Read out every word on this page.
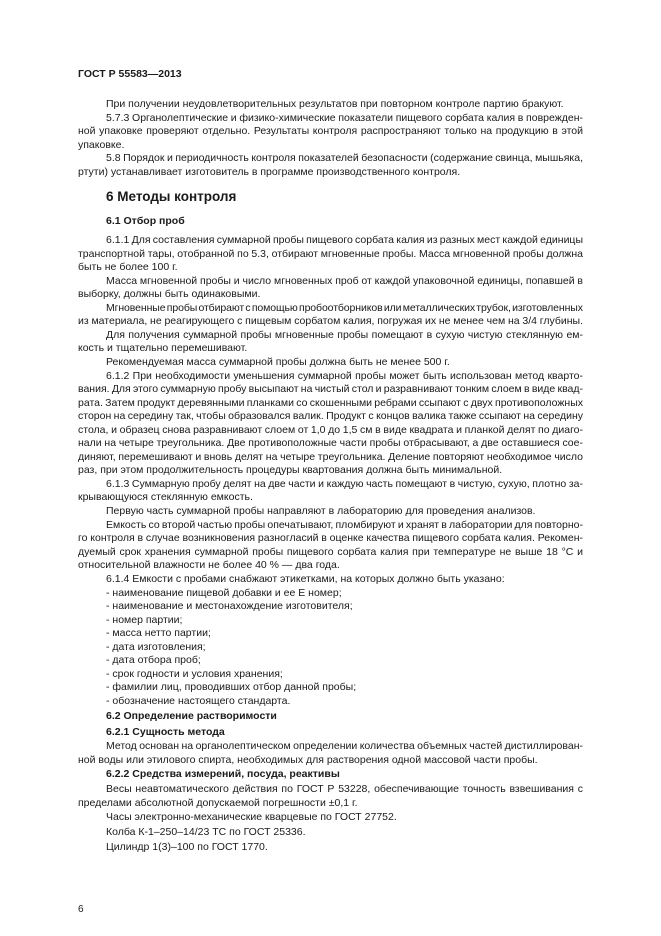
ГОСТ Р 55583—2013
При получении неудовлетворительных результатов при повторном контроле партию бракуют.
5.7.3 Органолептические и физико-химические показатели пищевого сорбата калия в поврежден-
ной упаковке проверяют отдельно. Результаты контроля распространяют только на продукцию в этой
упаковке.
5.8 Порядок и периодичность контроля показателей безопасности (содержание свинца, мышьяка,
ртути) устанавливает изготовитель в программе производственного контроля.
6 Методы контроля
6.1 Отбор проб
6.1.1 Для составления суммарной пробы пищевого сорбата калия из разных мест каждой единицы
транспортной тары, отобранной по 5.3, отбирают мгновенные пробы. Масса мгновенной пробы должна
быть не более 100 г.
Масса мгновенной пробы и число мгновенных проб от каждой упаковочной единицы, попавшей в
выборку, должны быть одинаковыми.
Мгновенные пробы отбирают с помощью пробоотборников или металлических трубок, изготовленных
из материала, не реагирующего с пищевым сорбатом калия, погружая их не менее чем на 3/4 глубины.
Для получения суммарной пробы мгновенные пробы помещают в сухую чистую стеклянную ем-
кость и тщательно перемешивают.
Рекомендуемая масса суммарной пробы должна быть не менее 500 г.
6.1.2 При необходимости уменьшения суммарной пробы может быть использован метод кварто-
вания. Для этого суммарную пробу высыпают на чистый стол и разравнивают тонким слоем в виде квад-
рата. Затем продукт деревянными планками со скошенными ребрами ссыпают с двух противоположных
сторон на середину так, чтобы образовался валик. Продукт с концов валика также ссыпают на середину
стола, и образец снова разравнивают слоем от 1,0 до 1,5 см в виде квадрата и планкой делят по диаго-
нали на четыре треугольника. Две противоположные части пробы отбрасывают, а две оставшиеся сое-
диняют, перемешивают и вновь делят на четыре треугольника. Деление повторяют необходимое число
раз, при этом продолжительность процедуры квартования должна быть минимальной.
6.1.3 Суммарную пробу делят на две части и каждую часть помещают в чистую, сухую, плотно за-
крывающуюся стеклянную емкость.
Первую часть суммарной пробы направляют в лабораторию для проведения анализов.
Емкость со второй частью пробы опечатывают, пломбируют и хранят в лаборатории для повторно-
го контроля в случае возникновения разногласий в оценке качества пищевого сорбата калия. Рекомен-
дуемый срок хранения суммарной пробы пищевого сорбата калия при температуре не выше 18 °С и
относительной влажности не более 40 % — два года.
6.1.4 Емкости с пробами снабжают этикетками, на которых должно быть указано:
- наименование пищевой добавки и ее Е номер;
- наименование и местонахождение изготовителя;
- номер партии;
- масса нетто партии;
- дата изготовления;
- дата отбора проб;
- срок годности и условия хранения;
- фамилии лиц, проводивших отбор данной пробы;
- обозначение настоящего стандарта.
6.2 Определение растворимости
6.2.1 Сущность метода
Метод основан на органолептическом определении количества объемных частей дистиллирован-
ной воды или этилового спирта, необходимых для растворения одной массовой части пробы.
6.2.2 Средства измерений, посуда, реактивы
Весы неавтоматического действия по ГОСТ Р 53228, обеспечивающие точность взвешивания с
пределами абсолютной допускаемой погрешности ±0,1 г.
Часы электронно-механические кварцевые по ГОСТ 27752.
Колба К-1–250–14/23 ТС по ГОСТ 25336.
Цилиндр 1(3)–100 по ГОСТ 1770.
6
